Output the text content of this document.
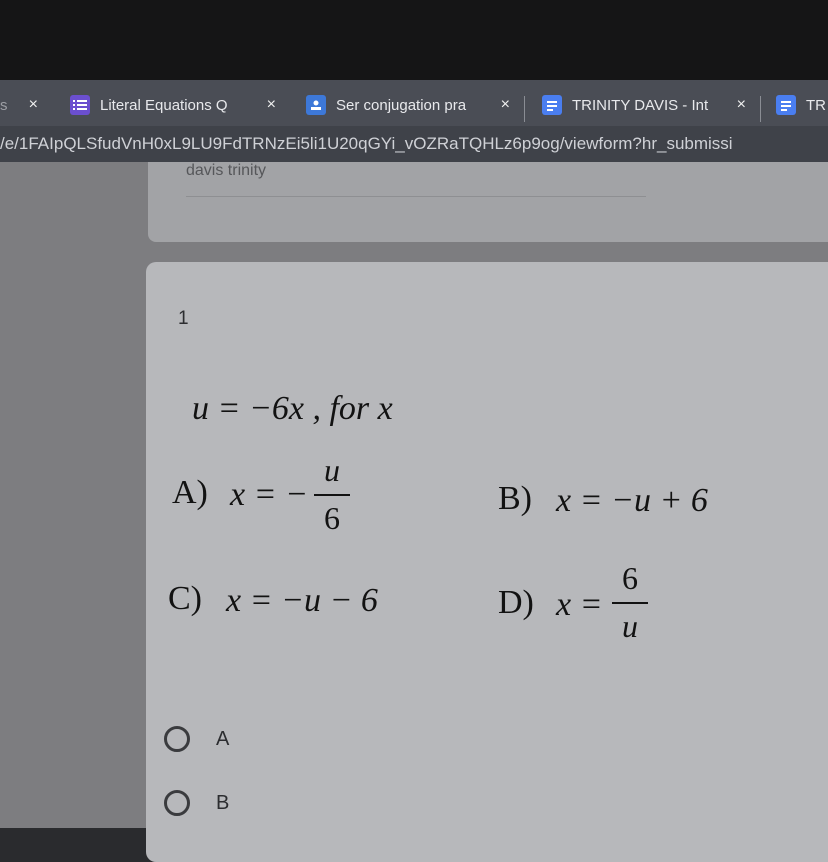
s ×	Literal Equations Q	×	Ser conjugation pra	×	TRINITY DAVIS - Int	×	TR
/e/1FAIpQLSfudVnH0xL9LU9FdTRNzEi5li1U20qGYi_vOZRaTQHLz6p9og/viewform?hr_submissi
davis trinity
1
u = −6x , for x
A) x = −
u
6
B) x = −u + 6
C) x = −u − 6	D) x =
6
u
A
B
